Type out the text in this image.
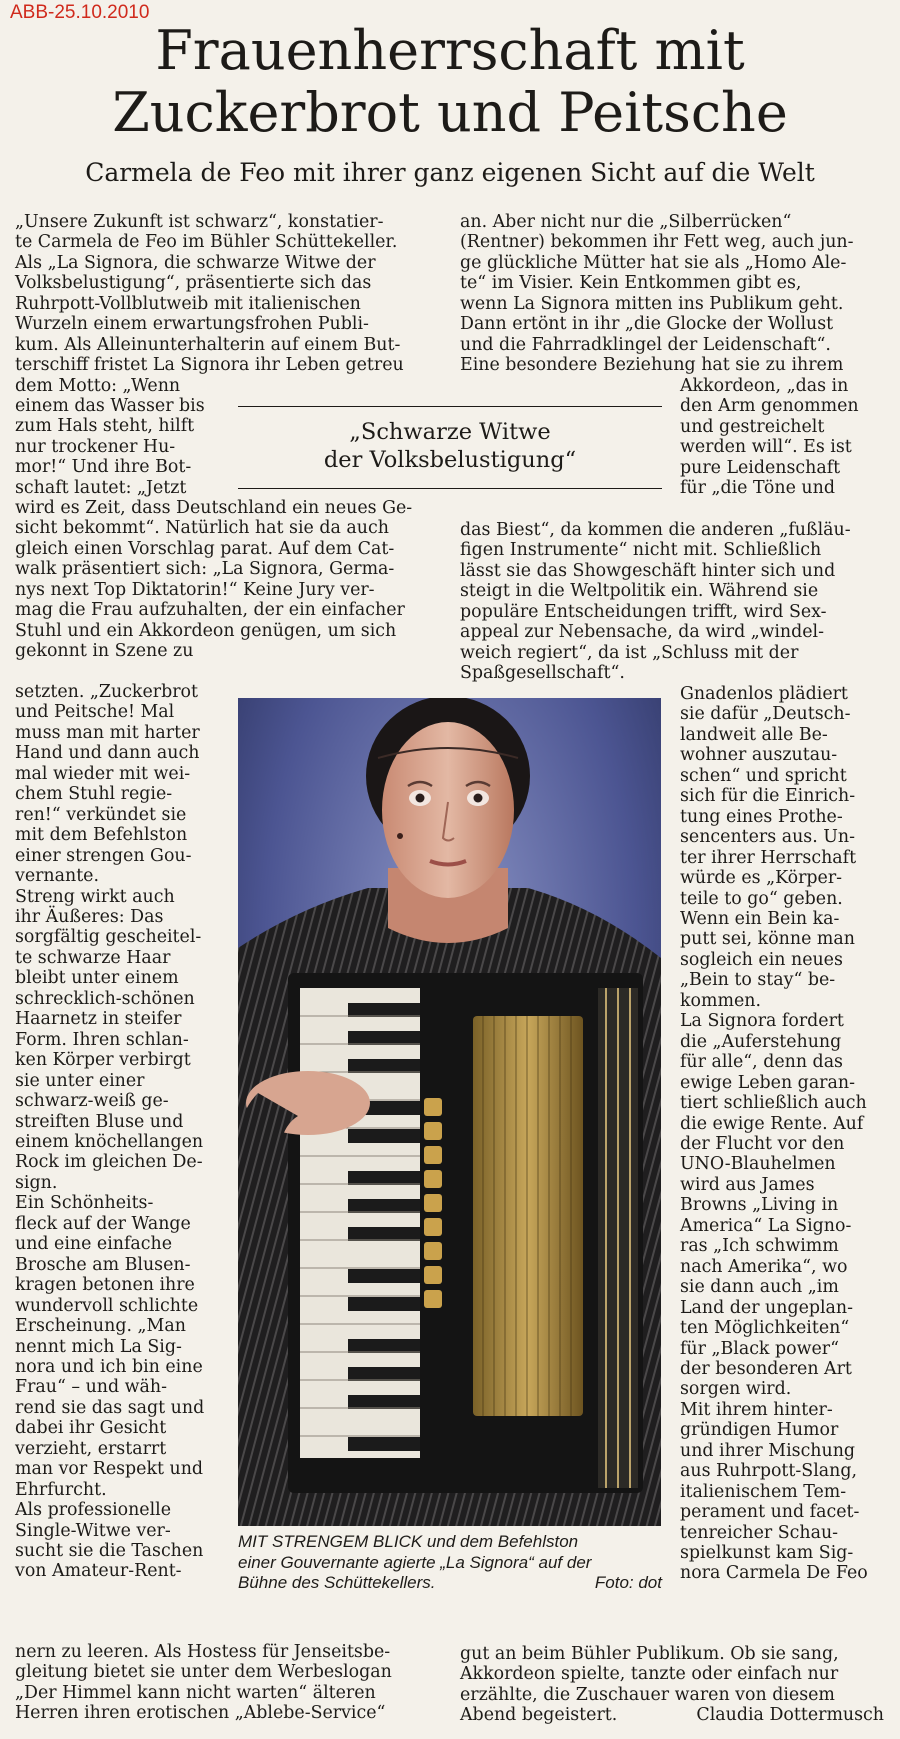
ABB-25.10.2010
Frauenherrschaft mit
Zuckerbrot und Peitsche
Carmela de Feo mit ihrer ganz eigenen Sicht auf die Welt
„Unsere Zukunft ist schwarz“, konstatier-
te Carmela de Feo im Bühler Schüttekeller.
Als „La Signora, die schwarze Witwe der
Volksbelustigung“, präsentierte sich das
Ruhrpott-Vollblutweib mit italienischen
Wurzeln einem erwartungsfrohen Publi-
kum. Als Alleinunterhalterin auf einem But-
terschiff fristet La Signora ihr Leben getreu
dem Motto: „Wenn
einem das Wasser bis
zum Hals steht, hilft
nur trockener Hu-
mor!“ Und ihre Bot-
schaft lautet: „Jetzt
wird es Zeit, dass Deutschland ein neues Ge-
sicht bekommt“. Natürlich hat sie da auch
gleich einen Vorschlag parat. Auf dem Cat-
walk präsentiert sich: „La Signora, Germa-
nys next Top Diktatorin!“ Keine Jury ver-
mag die Frau aufzuhalten, der ein einfacher
Stuhl und ein Akkordeon genügen, um sich
gekonnt in Szene zu
setzten. „Zuckerbrot
und Peitsche! Mal
muss man mit harter
Hand und dann auch
mal wieder mit wei-
chem Stuhl regie-
ren!“ verkündet sie
mit dem Befehlston
einer strengen Gou-
vernante.
Streng wirkt auch
ihr Äußeres: Das
sorgfältig gescheitel-
te schwarze Haar
bleibt unter einem
schrecklich-schönen
Haarnetz in steifer
Form. Ihren schlan-
ken Körper verbirgt
sie unter einer
schwarz-weiß ge-
streiften Bluse und
einem knöchellangen
Rock im gleichen De-
sign.
Ein Schönheits-
fleck auf der Wange
und eine einfache
Brosche am Blusen-
kragen betonen ihre
wundervoll schlichte
Erscheinung. „Man
nennt mich La Sig-
nora und ich bin eine
Frau“ – und wäh-
rend sie das sagt und
dabei ihr Gesicht
verzieht, erstarrt
man vor Respekt und
Ehrfurcht.
Als professionelle
Single-Witwe ver-
sucht sie die Taschen
von Amateur-Rent-
nern zu leeren. Als Hostess für Jenseitsbe-
gleitung bietet sie unter dem Werbeslogan
„Der Himmel kann nicht warten“ älteren
Herren ihren erotischen „Ablebe-Service“
„Schwarze Witwe
der Volksbelustigung“
an. Aber nicht nur die „Silberrücken“
(Rentner) bekommen ihr Fett weg, auch jun-
ge glückliche Mütter hat sie als „Homo Ale-
te“ im Visier. Kein Entkommen gibt es,
wenn La Signora mitten ins Publikum geht.
Dann ertönt in ihr „die Glocke der Wollust
und die Fahrradklingel der Leidenschaft“.
Eine besondere Beziehung hat sie zu ihrem
Akkordeon, „das in
den Arm genommen
und gestreichelt
werden will“. Es ist
pure Leidenschaft
für „die Töne und
das Biest“, da kommen die anderen „fußläu-
figen Instrumente“ nicht mit. Schließlich
lässt sie das Showgeschäft hinter sich und
steigt in die Weltpolitik ein. Während sie
populäre Entscheidungen trifft, wird Sex-
appeal zur Nebensache, da wird „windel-
weich regiert“, da ist „Schluss mit der
Spaßgesellschaft“.
Gnadenlos plädiert
sie dafür „Deutsch-
landweit alle Be-
wohner auszutau-
schen“ und spricht
sich für die Einrich-
tung eines Prothe-
sencenters aus. Un-
ter ihrer Herrschaft
würde es „Körper-
teile to go“ geben.
Wenn ein Bein ka-
putt sei, könne man
sogleich ein neues
„Bein to stay“ be-
kommen.
La Signora fordert
die „Auferstehung
für alle“, denn das
ewige Leben garan-
tiert schließlich auch
die ewige Rente. Auf
der Flucht vor den
UNO-Blauhelmen
wird aus James
Browns „Living in
America“ La Signo-
ras „Ich schwimm
nach Amerika“, wo
sie dann auch „im
Land der ungeplan-
ten Möglichkeiten“
für „Black power“
der besonderen Art
sorgen wird.
Mit ihrem hinter-
gründigen Humor
und ihrer Mischung
aus Ruhrpott-Slang,
italienischem Tem-
perament und facet-
tenreicher Schau-
spielkunst kam Sig-
nora Carmela De Feo
gut an beim Bühler Publikum. Ob sie sang,
Akkordeon spielte, tanzte oder einfach nur
erzählte, die Zuschauer waren von diesem
Abend begeistert.	Claudia Dottermusch
MIT STRENGEM BLICK und dem Befehlston
einer Gouvernante agierte „La Signora“ auf der
Bühne des Schüttekellers.	Foto: dot
